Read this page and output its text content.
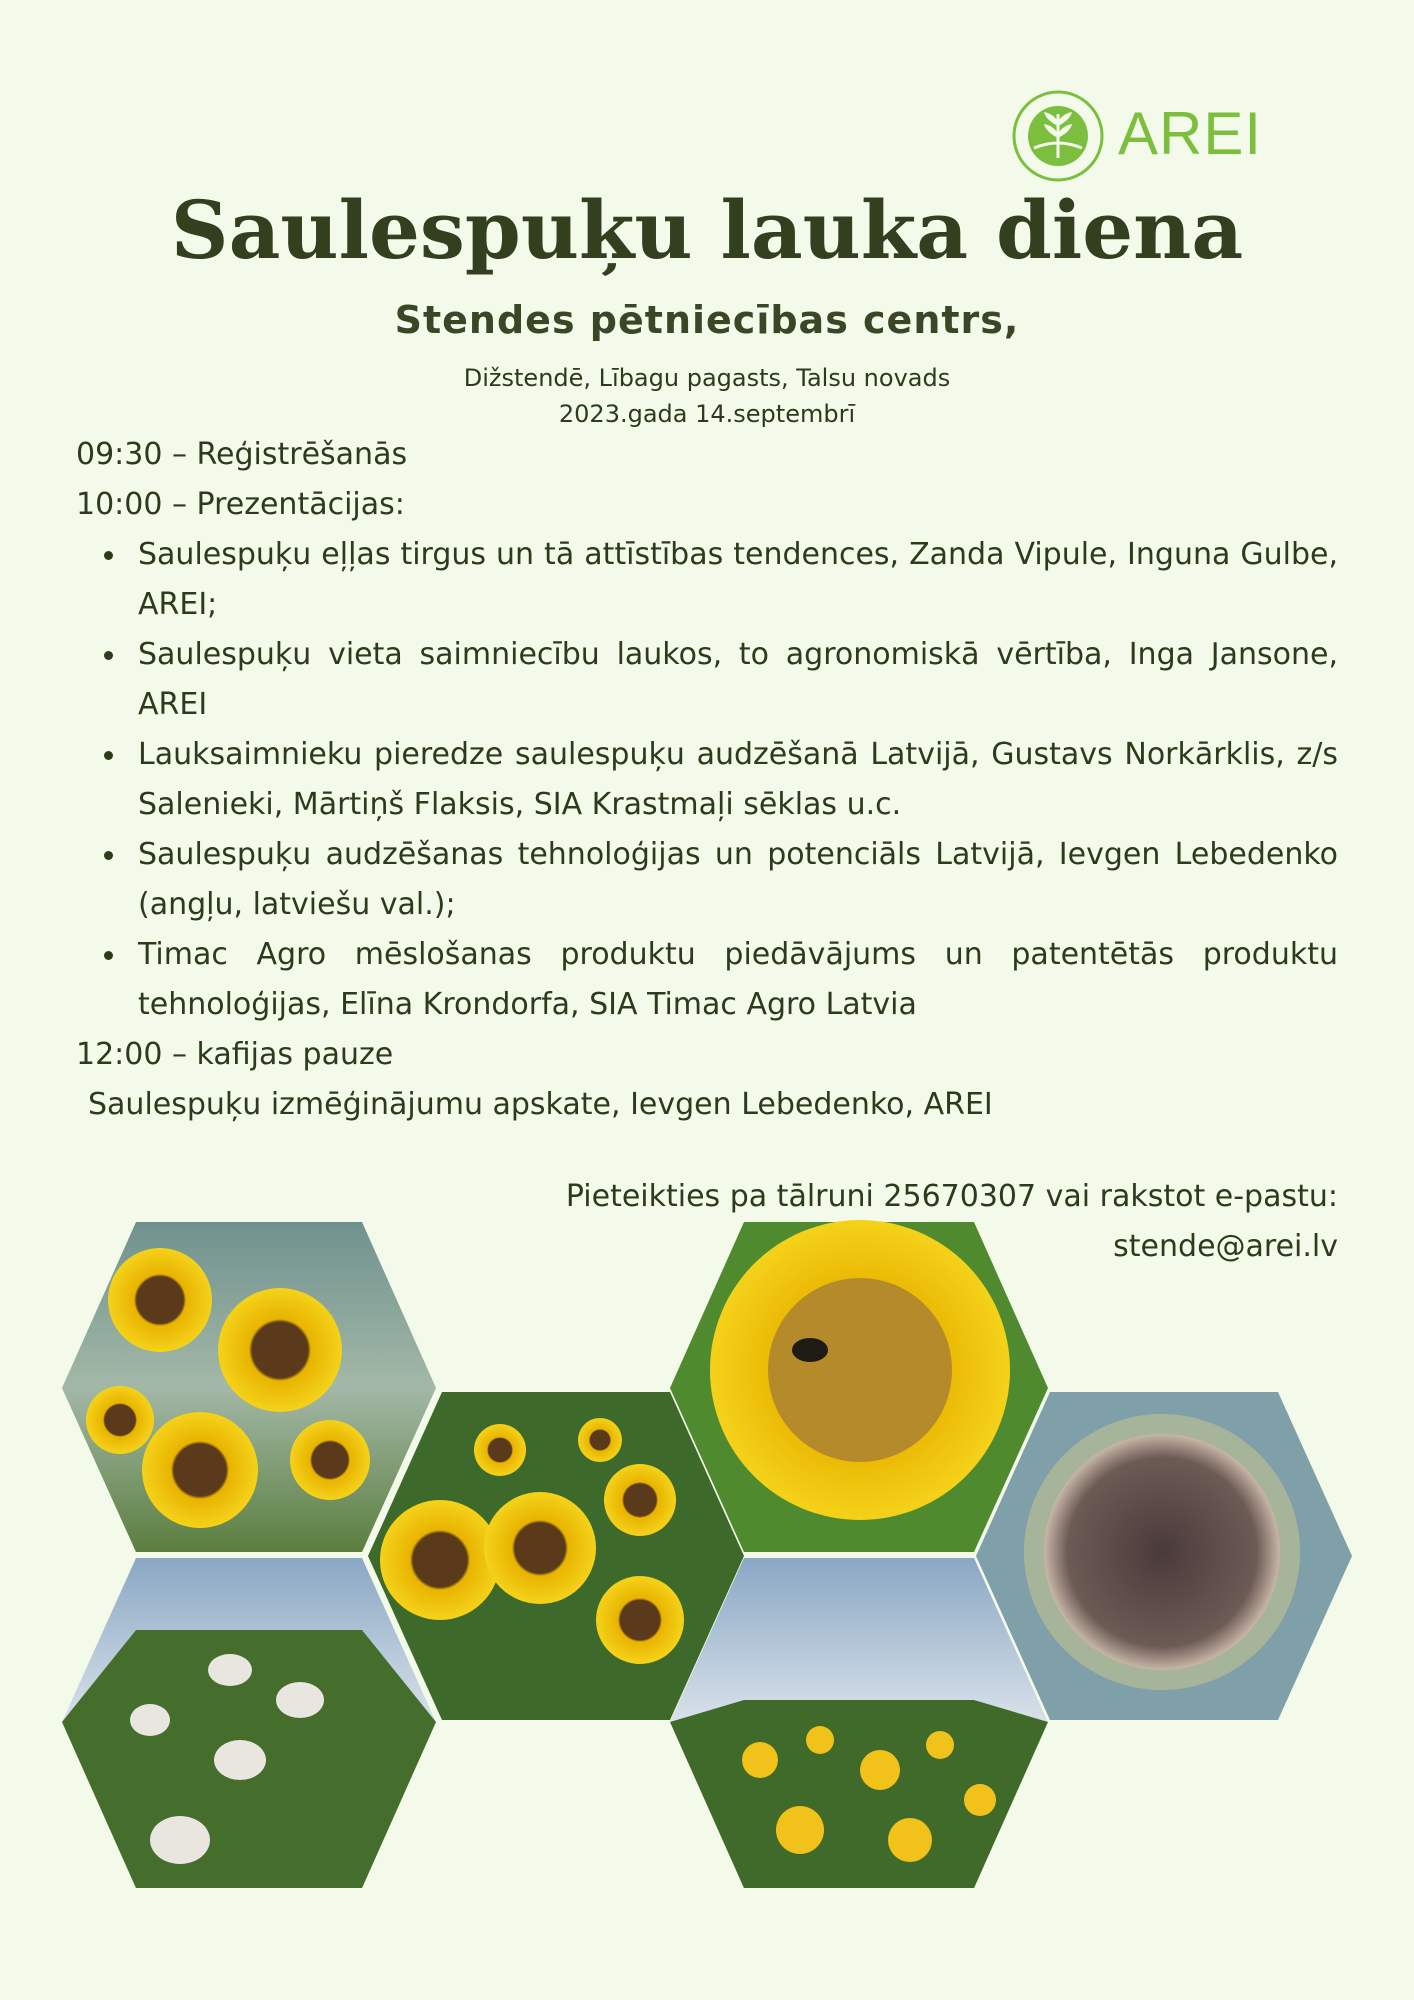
AREI
Saulespuķu lauka diena
Stendes pētniecības centrs,
Dižstendē, Lībagu pagasts, Talsu novads
2023.gada 14.septembrī
09:30 – Reģistrēšanās
10:00 – Prezentācijas:
Saulespuķu eļļas tirgus un tā attīstības tendences, Zanda Vipule, Inguna Gulbe, AREI;
Saulespuķu vieta saimniecību laukos, to agronomiskā vērtība, Inga Jansone, AREI
Lauksaimnieku pieredze saulespuķu audzēšanā Latvijā, Gustavs Norkārklis, z/s Salenieki, Mārtiņš Flaksis, SIA Krastmaļi sēklas u.c.
Saulespuķu audzēšanas tehnoloģijas un potenciāls Latvijā, Ievgen Lebedenko (angļu, latviešu val.);
Timac Agro mēslošanas produktu piedāvājums un patentētās produktu tehnoloģijas, Elīna Krondorfa, SIA Timac Agro Latvia
12:00 – kafijas pauze
Saulespuķu izmēģinājumu apskate, Ievgen Lebedenko, AREI
Pieteikties pa tālruni 25670307 vai rakstot e-pastu:
stende@arei.lv
